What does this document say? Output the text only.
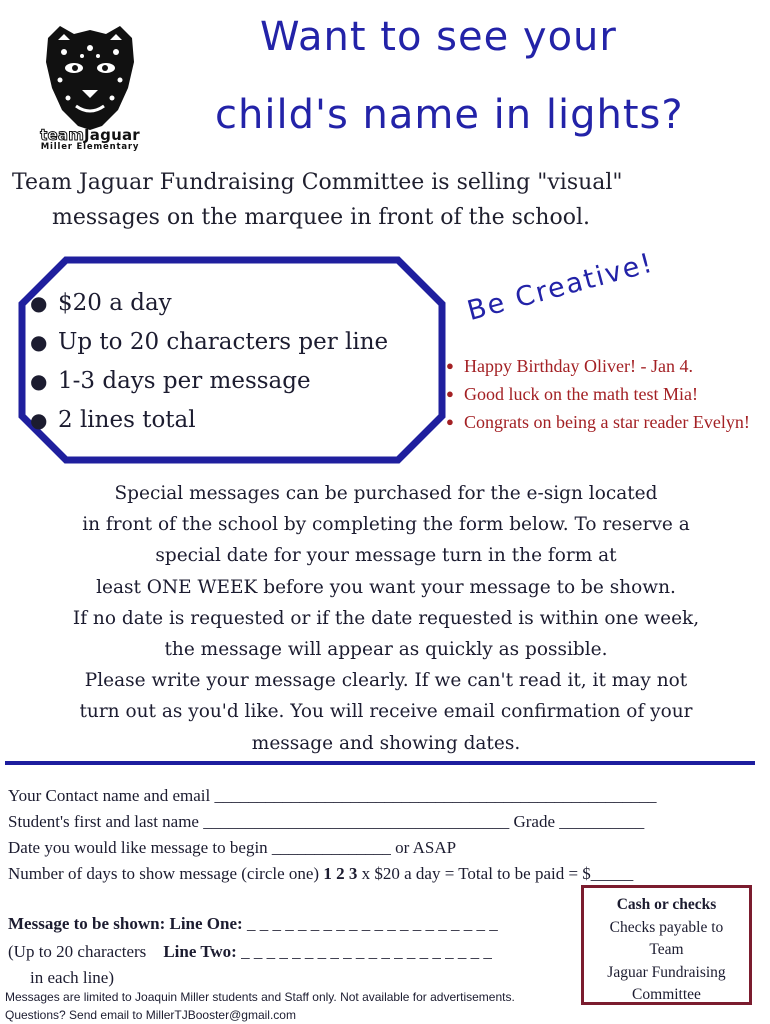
teamJaguar
Miller Elementary
Want to see your
child's name in lights?
Team Jaguar Fundraising Committee is selling "visual"
messages on the marquee in front of the school.
● $20 a day
● Up to 20 characters per line
● 1-3 days per message
● 2 lines total
Be Creative!
● Happy Birthday Oliver! - Jan 4.
● Good luck on the math test Mia!
● Congrats on being a star reader Evelyn!
Special messages can be purchased for the e-sign located
in front of the school by completing the form below. To reserve a
special date for your message turn in the form at
least ONE WEEK before you want your message to be shown.
If no date is requested or if the date requested is within one week,
the message will appear as quickly as possible.
Please write your message clearly. If we can't read it, it may not
turn out as you'd like. You will receive email confirmation of your
message and showing dates.
Your Contact name and email ____________________________________________________
Student's first and last name ____________________________________ Grade __________
Date you would like message to begin ______________ or ASAP
Number of days to show message (circle one) 1 2 3 x $20 a day = Total to be paid = $_____
Message to be shown: Line One: _ _ _ _ _ _ _ _ _ _ _ _ _ _ _ _ _ _ _ _
(Up to 20 characters Line Two: _ _ _ _ _ _ _ _ _ _ _ _ _ _ _ _ _ _ _ _
in each line)
Cash or checks
Checks payable to
Team
Jaguar Fundraising
Committee
Messages are limited to Joaquin Miller students and Staff only. Not available for advertisements.
Questions? Send email to MillerTJBooster@gmail.com
